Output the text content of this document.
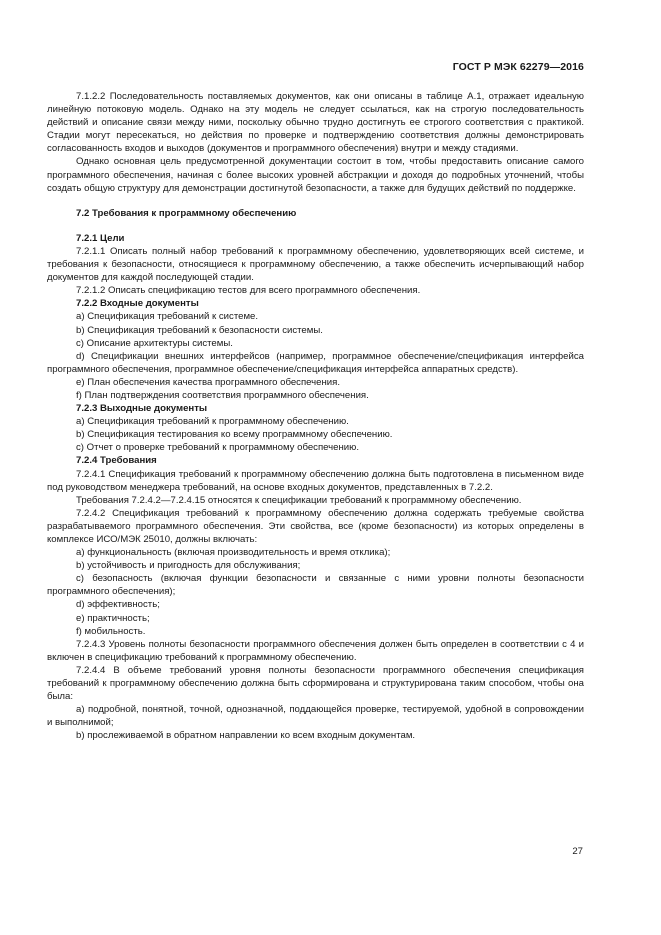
ГОСТ Р МЭК 62279—2016

7.1.2.2 Последовательность поставляемых документов, как они описаны в таблице А.1, отражает идеальную линейную потоковую модель. Однако на эту модель не следует ссылаться, как на строгую последовательность действий и описание связи между ними, поскольку обычно трудно достигнуть ее строгого соответствия с практикой. Стадии могут пересекаться, но действия по проверке и подтверждению соответствия должны демонстрировать согласованность входов и выходов (документов и программного обеспечения) внутри и между стадиями.

Однако основная цель предусмотренной документации состоит в том, чтобы предоставить описание самого программного обеспечения, начиная с более высоких уровней абстракции и доходя до подробных уточнений, чтобы создать общую структуру для демонстрации достигнутой безопасности, а также для будущих действий по поддержке.

7.2 Требования к программному обеспечению
7.2.1 Цели

7.2.1.1 Описать полный набор требований к программному обеспечению, удовлетворяющих всей системе, и требования к безопасности, относящиеся к программному обеспечению, а также обеспечить исчерпывающий набор документов для каждой последующей стадии.

7.2.1.2 Описать спецификацию тестов для всего программного обеспечения.

7.2.2 Входные документы

a) Спецификация требований к системе.

b) Спецификация требований к безопасности системы.

c) Описание архитектуры системы.

d) Спецификации внешних интерфейсов (например, программное обеспечение/спецификация интерфейса программного обеспечения, программное обеспечение/спецификация интерфейса аппаратных средств).

e) План обеспечения качества программного обеспечения.

f) План подтверждения соответствия программного обеспечения.

7.2.3 Выходные документы

a) Спецификация требований к программному обеспечению.

b) Спецификация тестирования ко всему программному обеспечению.

c) Отчет о проверке требований к программному обеспечению.

7.2.4 Требования

7.2.4.1 Спецификация требований к программному обеспечению должна быть подготовлена в письменном виде под руководством менеджера требований, на основе входных документов, представленных в 7.2.2.

Требования 7.2.4.2—7.2.4.15 относятся к спецификации требований к программному обеспечению.

7.2.4.2 Спецификация требований к программному обеспечению должна содержать требуемые свойства разрабатываемого программного обеспечения. Эти свойства, все (кроме безопасности) из которых определены в комплексе ИСО/МЭК 25010, должны включать:

a) функциональность (включая производительность и время отклика);

b) устойчивость и пригодность для обслуживания;

c) безопасность (включая функции безопасности и связанные с ними уровни полноты безопасности программного обеспечения);

d) эффективность;

e) практичность;

f) мобильность.

7.2.4.3 Уровень полноты безопасности программного обеспечения должен быть определен в соответствии с 4 и включен в спецификацию требований к программному обеспечению.

7.2.4.4 В объеме требований уровня полноты безопасности программного обеспечения спецификация требований к программному обеспечению должна быть сформирована и структурирована таким способом, чтобы она была:

a) подробной, понятной, точной, однозначной, поддающейся проверке, тестируемой, удобной в сопровождении и выполнимой;

b) прослеживаемой в обратном направлении ко всем входным документам.

27
